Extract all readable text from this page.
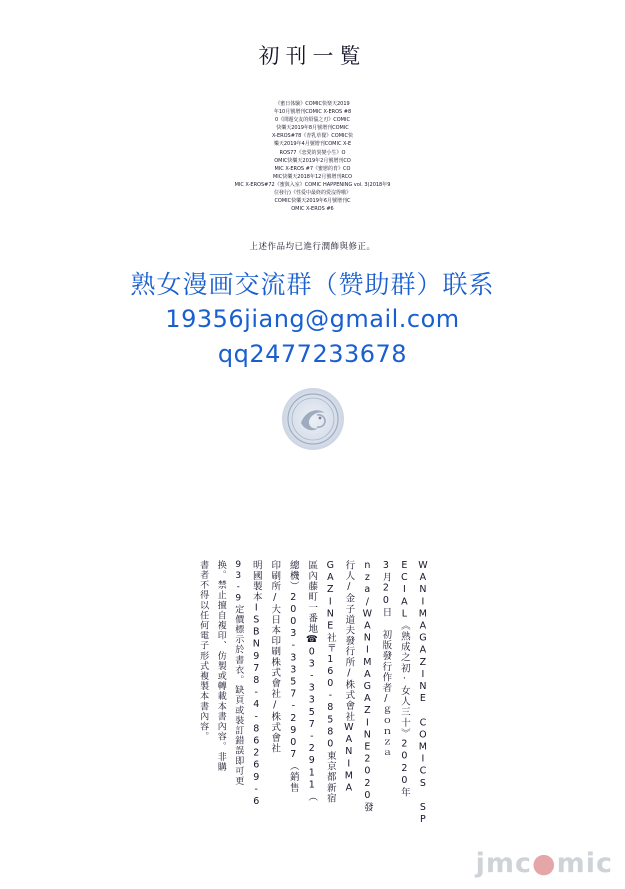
初刊一覧
《蜜日体験》COMIC快楽天2019
年10月號增刊COMIC X-EROS #8
0《問題交友的煩惱之刃》COMIC
快樂天2019年8月號增刊COMIC
X-EROS#78《青乳草餐》COMIC快
樂天2019年4月號增刊COMIC X-E
ROS77《恋愛的異變小生》O
OMIC快樂天2019年2月號增刊CO
MIC X-EROS #7《蜜戀的育》CO
MIC快樂天2018年12月號增刊RCO
MIC X-EROS#72《蜜與入室》COMIC HAPPENING vol. 3(2018年9
位發行)《性爱中最終的愛沒得哦》
COMIC快樂天2019年6月號增刊C
OMIC X-EROS #6
上述作品均已進行潤飾與修正。
熟女漫画交流群（赞助群）联系
19356jiang@gmail.com
qq2477233678
WANIMAGAZINE COMICS SP
ECIAL《熟成之初·女人三十》2020年
3月20日 初版發行作者/ｇｏｎｚａ
nza/WANIMAGAZINE2020發
行人/金子道夫發行所/株式會社WANIMA
GAZINE社〒160-8580東京都新宿
區內藤町一番地☎03-3357-2911（
總機）2003-3357-2907（銷售
印刷所/大日本印刷株式會社/株式會社
明國製本ISBN978-4-86269-6
93-9定價標示於書衣。缺頁或裝訂錯誤即可更
换。禁止擅自複印、仿製或轉載本書內容。非購
書者不得以任何電子形式複製本書內容。
jmc●mic
